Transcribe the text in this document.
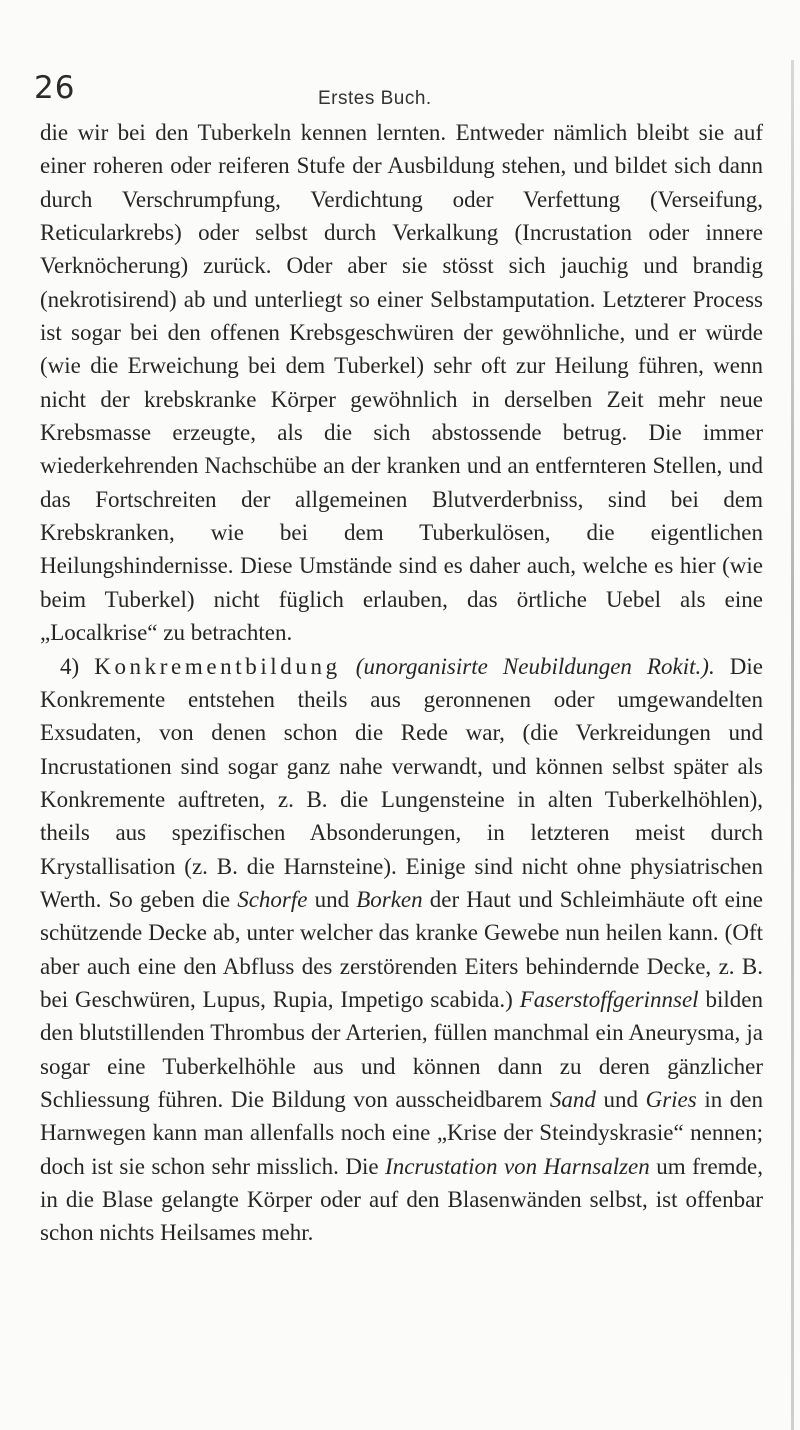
26	Erstes Buch.

die wir bei den Tuberkeln kennen lernten. Entweder nämlich bleibt sie auf einer roheren oder reiferen Stufe der Ausbildung stehen, und bildet sich dann durch Verschrumpfung, Verdichtung oder Verfettung (Verseifung, Reticularkrebs) oder selbst durch Verkalkung (Incrustation oder innere Verknöcherung) zurück. Oder aber sie stösst sich jauchig und brandig (nekrotisirend) ab und unterliegt so einer Selbstamputation. Letzterer Process ist sogar bei den offenen Krebsgeschwüren der gewöhnliche, und er würde (wie die Erweichung bei dem Tuberkel) sehr oft zur Heilung führen, wenn nicht der krebskranke Körper gewöhnlich in derselben Zeit mehr neue Krebsmasse erzeugte, als die sich abstossende betrug. Die immer wiederkehrenden Nachschübe an der kranken und an entfernteren Stellen, und das Fortschreiten der allgemeinen Blutverderbniss, sind bei dem Krebskranken, wie bei dem Tuberkulösen, die eigentlichen Heilungshindernisse. Diese Umstände sind es daher auch, welche es hier (wie beim Tuberkel) nicht füglich erlauben, das örtliche Uebel als eine „Localkrise“ zu betrachten.

4) Konkrementbildung (unorganisirte Neubildungen Rokit.). Die Konkremente entstehen theils aus geronnenen oder umgewandelten Exsudaten, von denen schon die Rede war, (die Verkreidungen und Incrustationen sind sogar ganz nahe verwandt, und können selbst später als Konkremente auftreten, z. B. die Lungensteine in alten Tuberkelhöhlen), theils aus spezifischen Absonderungen, in letzteren meist durch Krystallisation (z. B. die Harnsteine). Einige sind nicht ohne physiatrischen Werth. So geben die Schorfe und Borken der Haut und Schleimhäute oft eine schützende Decke ab, unter welcher das kranke Gewebe nun heilen kann. (Oft aber auch eine den Abfluss des zerstörenden Eiters behindernde Decke, z. B. bei Geschwüren, Lupus, Rupia, Impetigo scabida.) Faserstoffgerinnsel bilden den blutstillenden Thrombus der Arterien, füllen manchmal ein Aneurysma, ja sogar eine Tuberkelhöhle aus und können dann zu deren gänzlicher Schliessung führen. Die Bildung von ausscheidbarem Sand und Gries in den Harnwegen kann man allenfalls noch eine „Krise der Steindyskrasie“ nennen; doch ist sie schon sehr misslich. Die Incrustation von Harnsalzen um fremde, in die Blase gelangte Körper oder auf den Blasenwänden selbst, ist offenbar schon nichts Heilsames mehr.
